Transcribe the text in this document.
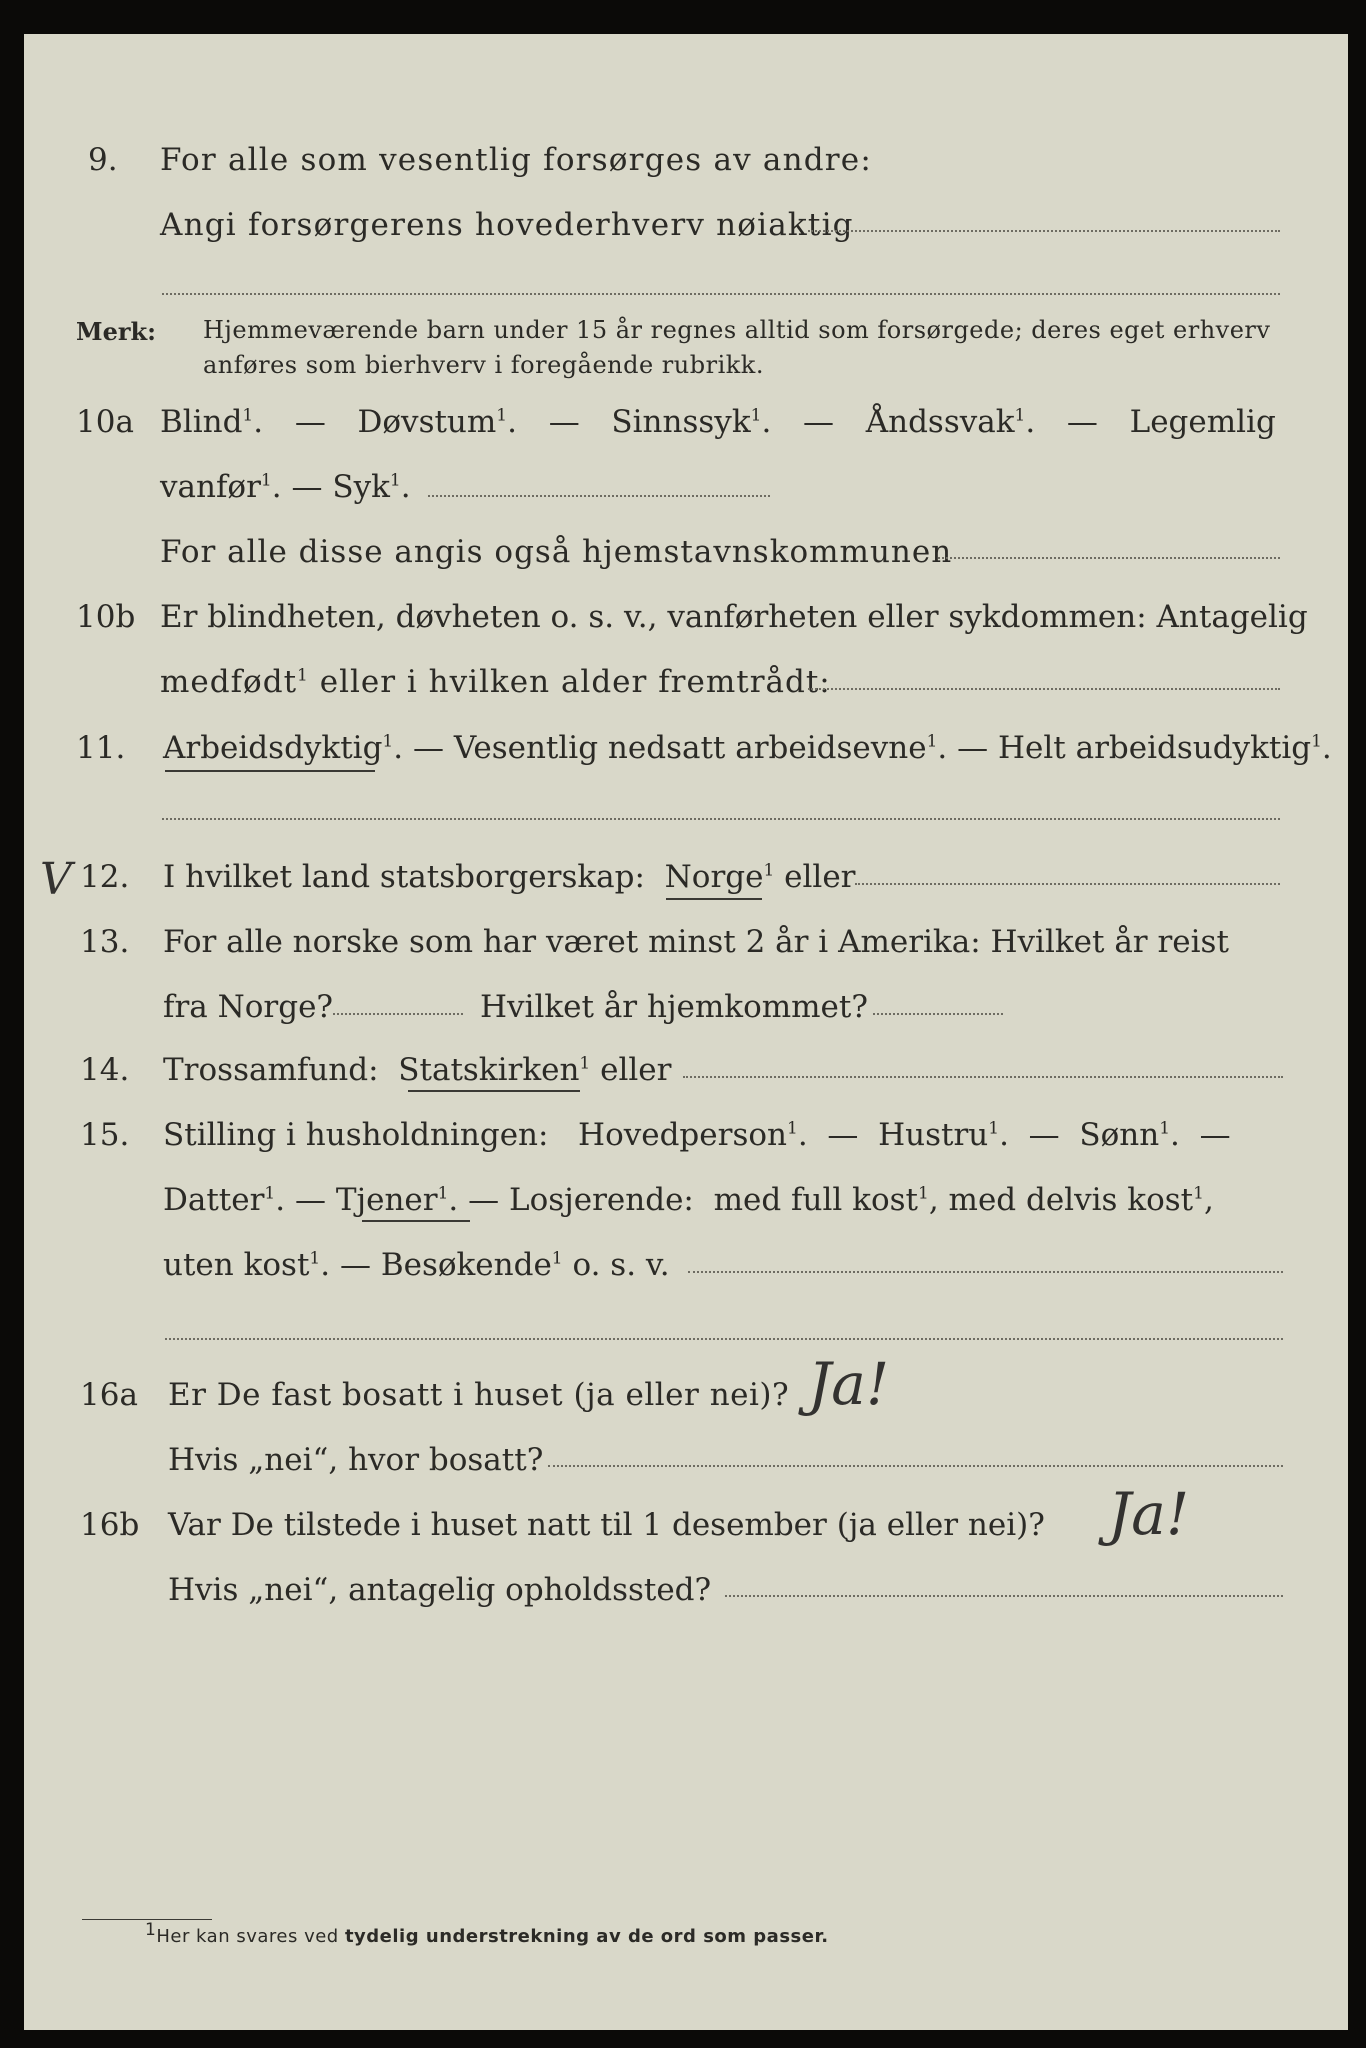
9. For alle som vesentlig forsørges av andre:
Angi forsørgerens hovederhverv nøiaktig
Merk: Hjemmeværende barn under 15 år regnes alltid som forsørgede; deres eget erhverv
anføres som bierhverv i foregående rubrikk.
10a Blind$^1$.  — Døvstum$^1$.  — Sinnssyk$^1$.  — Åndssvak$^1$.  — Legemlig
vanfør$^1$. — Syk$^1$.
For alle disse angis også hjemstavnskommunen
10b Er blindheten, døvheten o. s. v., vanførheten eller sykdommen: Antagelig
medfødt$^1$ eller i hvilken alder fremtrådt:
11. Arbeidsdyktig$^1$. — Vesentlig nedsatt arbeidsevne$^1$. — Helt arbeidsudyktig$^1$.
V 12. I hvilket land statsborgerskap: Norge$^1$ eller
13. For alle norske som har været minst 2 år i Amerika: Hvilket år reist
fra Norge?	Hvilket år hjemkommet?
14. Trossamfund: Statskirken$^1$ eller
15. Stilling i husholdningen: Hovedperson$^1$.  — Hustru$^1$.  — Sønn$^1$.  —
Datter$^1$. — Tjener$^1$. — Losjerende: med full kost$^1$, med delvis kost$^1$,
uten kost$^1$. — Besøkende$^1$ o. s. v.
16a Er De fast bosatt i huset (ja eller nei)? Ja!
Hvis „nei“, hvor bosatt?
16b Var De tilstede i huset natt til 1 desember (ja eller nei)? Ja!
Hvis „nei“, antagelig opholdssted?
1Her kan svares ved tydelig understrekning av de ord som passer.
